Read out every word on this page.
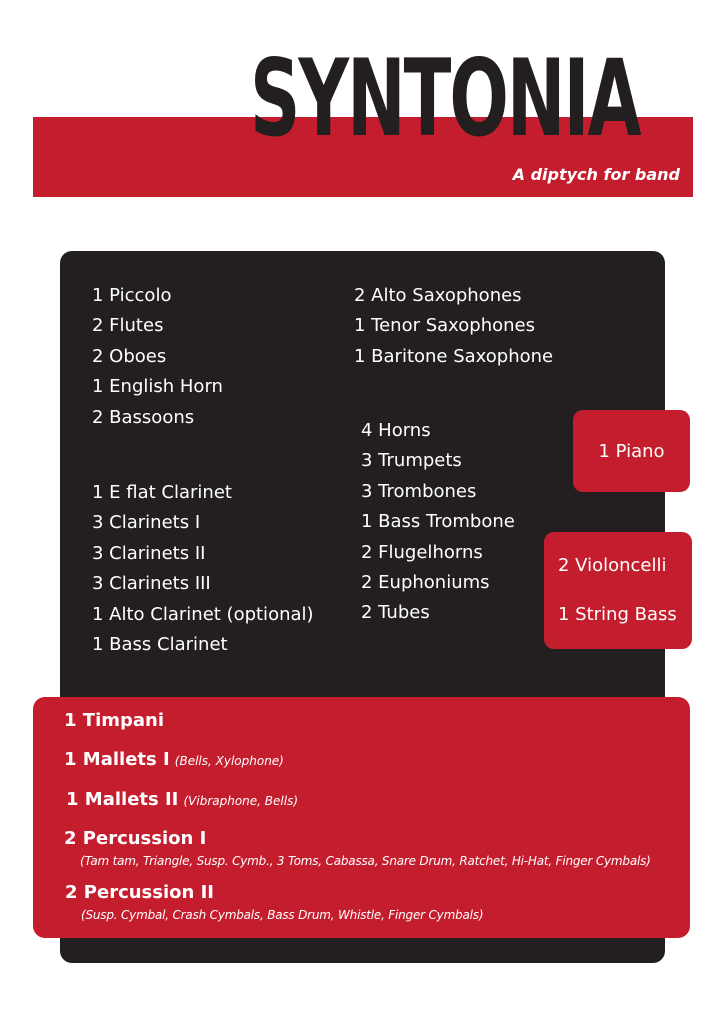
SYNTONIA
A diptych for band
1 Piccolo
2 Flutes
2 Oboes
1 English Horn
2 Bassoons
1 E flat Clarinet
3 Clarinets I
3 Clarinets II
3 Clarinets III
1 Alto Clarinet (optional)
1 Bass Clarinet
2 Alto Saxophones
1 Tenor Saxophones
1 Baritone Saxophone
4 Horns
3 Trumpets
3 Trombones
1 Bass Trombone
2 Flugelhorns
2 Euphoniums
2 Tubes
1 Piano
2 Violoncelli
1 String Bass
1 Timpani
1 Mallets I (Bells, Xylophone)
1 Mallets II (Vibraphone, Bells)
2 Percussion I
(Tam tam, Triangle, Susp. Cymb., 3 Toms, Cabassa, Snare Drum, Ratchet, Hi-Hat, Finger Cymbals)
2 Percussion II
(Susp. Cymbal, Crash Cymbals, Bass Drum, Whistle, Finger Cymbals)
